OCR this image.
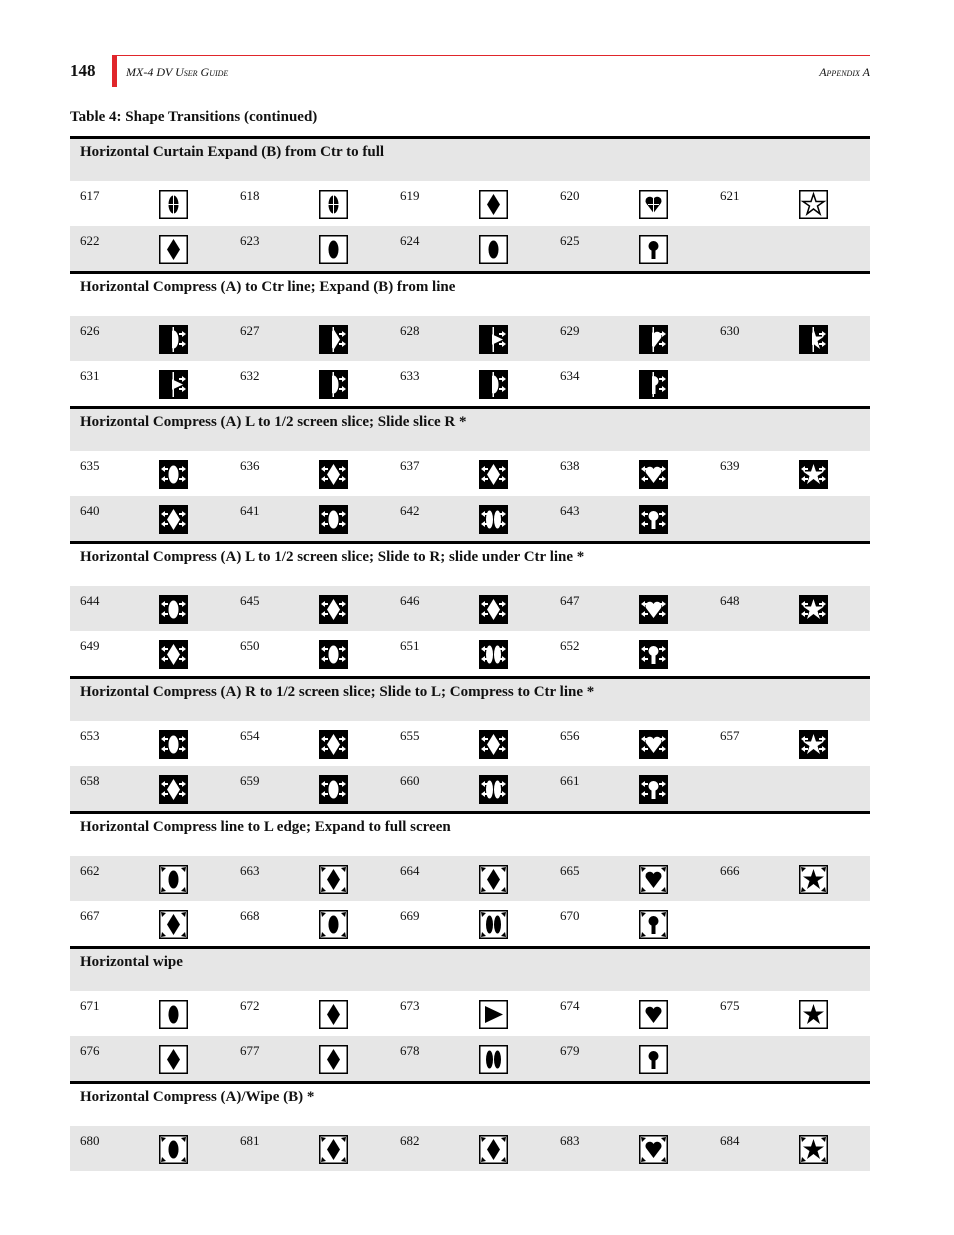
148	MX-4 DV User Guide	Appendix A
Table 4: Shape Transitions (continued)
Horizontal Curtain Expand (B) from Ctr to full
617	618	619	620	621
622	623	624	625
Horizontal Compress (A) to Ctr line; Expand (B) from line
626	627	628	629	630
631	632	633	634
Horizontal Compress (A) L to 1/2 screen slice; Slide slice R *
635	636	637	638	639
640	641	642	643
Horizontal Compress (A) L to 1/2 screen slice; Slide to R; slide under Ctr line *
644	645	646	647	648
649	650	651	652
Horizontal Compress (A) R to 1/2 screen slice; Slide to L; Compress to Ctr line *
653	654	655	656	657
658	659	660	661
Horizontal Compress line to L edge; Expand to full screen
662	663	664	665	666
667	668	669	670
Horizontal wipe
671	672	673	674	675
676	677	678	679
Horizontal Compress (A)/Wipe (B) *
680	681	682	683	684
